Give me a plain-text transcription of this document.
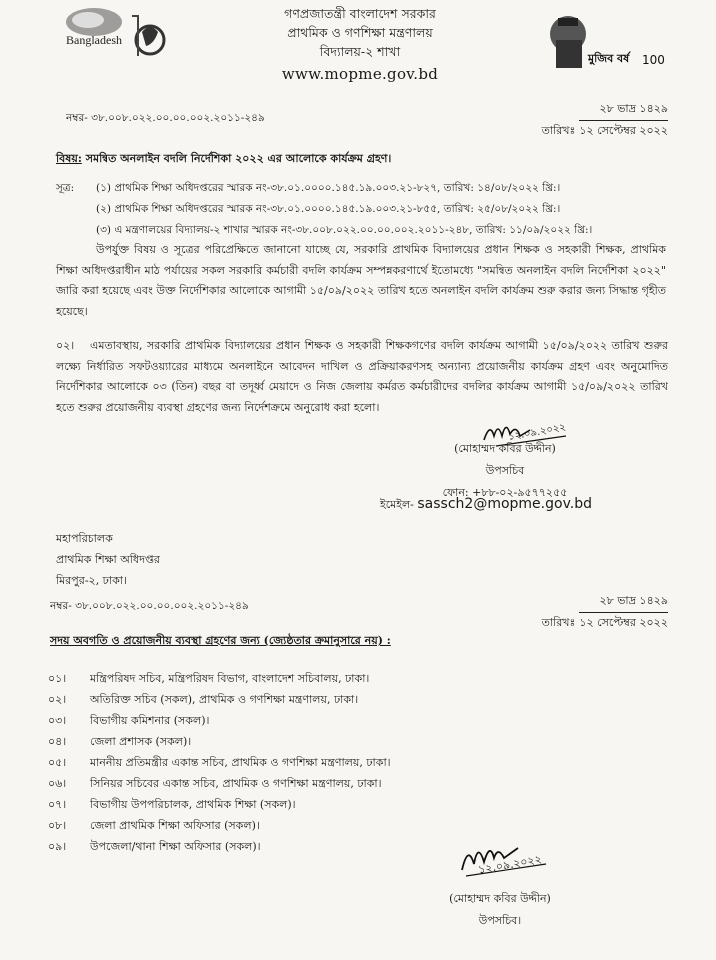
Bangladesh
গণপ্রজাতন্ত্রী বাংলাদেশ সরকার
প্রাথমিক ও গণশিক্ষা মন্ত্রণালয়
বিদ্যালয়-২ শাখা
www.mopme.gov.bd
মুজিব বর্ষ 100
নম্বর- ৩৮.০০৮.০২২.০০.০০.০০২.২০১১-২৪৯
তারিখঃ
২৮ ভাদ্র ১৪২৯
১২ সেপ্টেম্বর ২০২২
বিষয়: সমন্বিত অনলাইন বদলি নির্দেশিকা ২০২২ এর আলোকে কার্যক্রম গ্রহণ।
সূত্র:	(১) প্রাথমিক শিক্ষা অধিদপ্তরের স্মারক নং-৩৮.০১.০০০০.১৪৫.১৯.০০৩.২১-৮২৭, তারিখ: ১৪/০৮/২০২২ খ্রি:।
(২) প্রাথমিক শিক্ষা অধিদপ্তরের স্মারক নং-৩৮.০১.০০০০.১৪৫.১৯.০০৩.২১-৮৫৫, তারিখ: ২৫/০৮/২০২২ খ্রি:।
(৩) এ মন্ত্রণালয়ের বিদ্যালয়-২ শাখার স্মারক নং-৩৮.০০৮.০২২.০০.০০.০০২.২০১১-২৪৮, তারিখ: ১১/০৯/২০২২ খ্রি:।
উপর্যুক্ত বিষয় ও সূত্রের পরিপ্রেক্ষিতে জানানো যাচ্ছে যে, সরকারি প্রাথমিক বিদ্যালয়ের প্রধান শিক্ষক ও সহকারী শিক্ষক, প্রাথমিক শিক্ষা অধিদপ্তরাধীন মাঠ পর্যায়ের সকল সরকারি কর্মচারী বদলি কার্যক্রম সম্পন্নকরণার্থে ইতোমধ্যে "সমন্বিত অনলাইন বদলি নির্দেশিকা ২০২২" জারি করা হয়েছে এবং উক্ত নির্দেশিকার আলোকে আগামী ১৫/০৯/২০২২ তারিখ হতে অনলাইন বদলি কার্যক্রম শুরু করার জন্য সিদ্ধান্ত গৃহীত হয়েছে।
০২। এমতাবস্থায়, সরকারি প্রাথমিক বিদ্যালয়ের প্রধান শিক্ষক ও সহকারী শিক্ষকগণের বদলি কার্যক্রম আগামী ১৫/০৯/২০২২ তারিখ শুরুর লক্ষ্যে নির্ধারিত সফটওয়্যারের মাধ্যমে অনলাইনে আবেদন দাখিল ও প্রক্রিয়াকরণসহ অন্যান্য প্রয়োজনীয় কার্যক্রম গ্রহণ এবং অনুমোদিত নির্দেশিকার আলোকে ০৩ (তিন) বছর বা তদূর্ধ্ব মেয়াদে ও নিজ জেলায় কর্মরত কর্মচারীদের বদলির কার্যক্রম আগামী ১৫/০৯/২০২২ তারিখ হতে শুরুর প্রয়োজনীয় ব্যবস্থা গ্রহণের জন্য নির্দেশক্রমে অনুরোধ করা হলো।
১২.০৯.২০২২
(মোহাম্মদ কবির উদ্দীন)
উপসচিব
ফোন: +৮৮-০২-৯৫৭৭২৫৫
ইমেইল- sassch2@mopme.gov.bd
মহাপরিচালক
প্রাথমিক শিক্ষা অধিদপ্তর
মিরপুর-২, ঢাকা।
নম্বর- ৩৮.০০৮.০২২.০০.০০.০০২.২০১১-২৪৯
তারিখঃ
২৮ ভাদ্র ১৪২৯
১২ সেপ্টেম্বর ২০২২
সদয় অবগতি ও প্রয়োজনীয় ব্যবস্থা গ্রহণের জন্য (জ্যেষ্ঠতার ক্রমানুসারে নয়) :
০১।	মন্ত্রিপরিষদ সচিব, মন্ত্রিপরিষদ বিভাগ, বাংলাদেশ সচিবালয়, ঢাকা।
০২।	অতিরিক্ত সচিব (সকল), প্রাথমিক ও গণশিক্ষা মন্ত্রণালয়, ঢাকা।
০৩।	বিভাগীয় কমিশনার (সকল)।
০৪।	জেলা প্রশাসক (সকল)।
০৫।	মাননীয় প্রতিমন্ত্রীর একান্ত সচিব, প্রাথমিক ও গণশিক্ষা মন্ত্রণালয়, ঢাকা।
০৬।	সিনিয়র সচিবের একান্ত সচিব, প্রাথমিক ও গণশিক্ষা মন্ত্রণালয়, ঢাকা।
০৭।	বিভাগীয় উপপরিচালক, প্রাথমিক শিক্ষা (সকল)।
০৮।	জেলা প্রাথমিক শিক্ষা অফিসার (সকল)।
০৯।	উপজেলা/থানা শিক্ষা অফিসার (সকল)।
১২.০৯.২০২২
(মোহাম্মদ কবির উদ্দীন)
উপসচিব।
